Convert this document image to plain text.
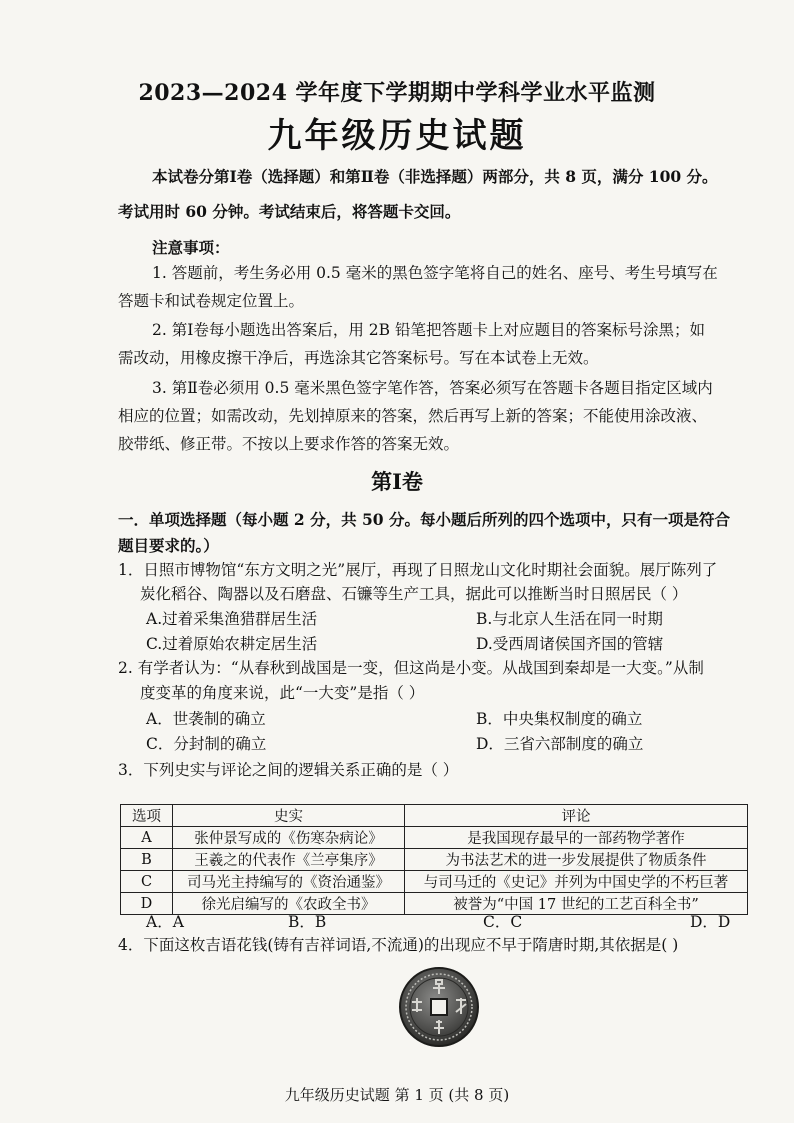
2023—2024 学年度下学期期中学科学业水平监测
九年级历史试题
本试卷分第Ⅰ卷（选择题）和第Ⅱ卷（非选择题）两部分，共 8 页，满分 100 分。
考试用时 60 分钟。考试结束后，将答题卡交回。
注意事项：
1. 答题前，考生务必用 0.5 毫米的黑色签字笔将自己的姓名、座号、考生号填写在
答题卡和试卷规定位置上。
2. 第Ⅰ卷每小题选出答案后，用 2B 铅笔把答题卡上对应题目的答案标号涂黑；如
需改动，用橡皮擦干净后，再选涂其它答案标号。写在本试卷上无效。
3. 第Ⅱ卷必须用 0.5 毫米黑色签字笔作答，答案必须写在答题卡各题目指定区域内
相应的位置；如需改动，先划掉原来的答案，然后再写上新的答案；不能使用涂改液、
胶带纸、修正带。不按以上要求作答的答案无效。
第Ⅰ卷
一．单项选择题（每小题 2 分，共 50 分。每小题后所列的四个选项中，只有一项是符合
题目要求的。）
1．日照市博物馆“东方文明之光”展厅，再现了日照龙山文化时期社会面貌。展厅陈列了
炭化稻谷、陶器以及石磨盘、石镰等生产工具，据此可以推断当时日照居民（ ）
A.过着采集渔猎群居生活	B.与北京人生活在同一时期
C.过着原始农耕定居生活	D.受西周诸侯国齐国的管辖
2. 有学者认为：“从春秋到战国是一变，但这尚是小变。从战国到秦却是一大变。”从制
度变革的角度来说，此“一大变”是指（ ）
A．世袭制的确立	B．中央集权制度的确立
C．分封制的确立	D．三省六部制度的确立
3．下列史实与评论之间的逻辑关系正确的是（ ）
选项	史实	评论
A	张仲景写成的《伤寒杂病论》	是我国现存最早的一部药物学著作
B	王羲之的代表作《兰亭集序》	为书法艺术的进一步发展提供了物质条件
C	司马光主持编写的《资治通鉴》	与司马迁的《史记》并列为中国史学的不朽巨著
D	徐光启编写的《农政全书》	被誉为“中国 17 世纪的工艺百科全书”
A．A	B．B	C．C	D．D
4．下面这枚吉语花钱(铸有吉祥词语,不流通)的出现应不早于隋唐时期,其依据是( )
九年级历史试题 第 1 页 (共 8 页)
